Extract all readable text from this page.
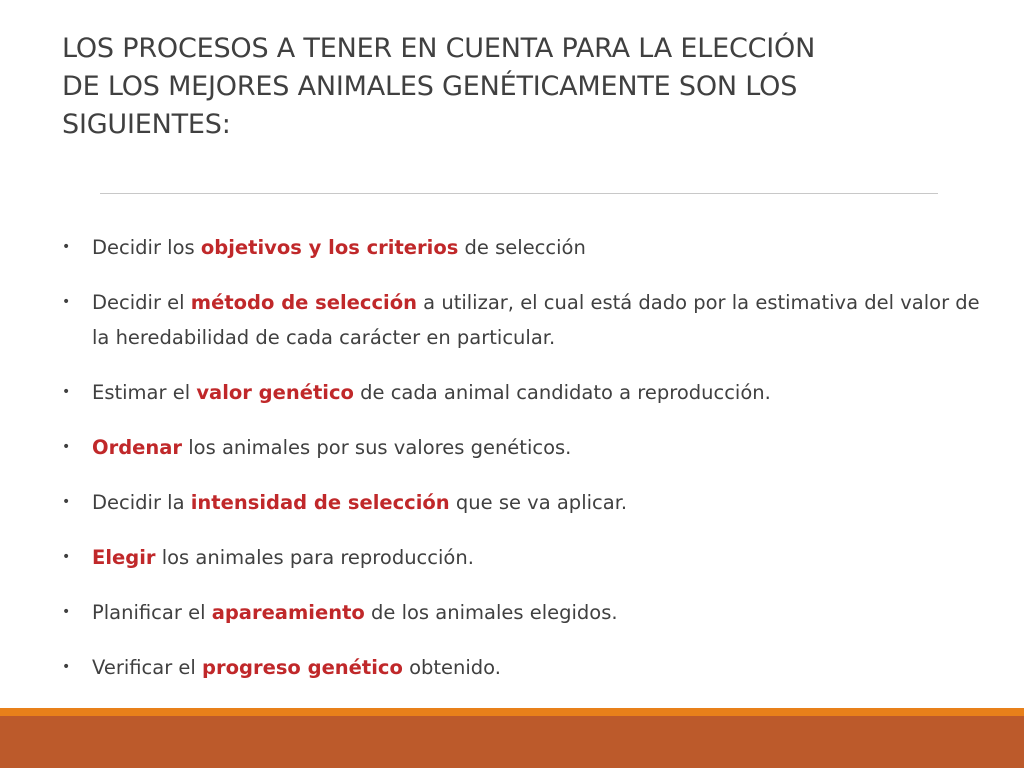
LOS PROCESOS A TENER EN CUENTA PARA LA ELECCIÓN
DE LOS MEJORES ANIMALES GENÉTICAMENTE SON LOS
SIGUIENTES:
•	Decidir los objetivos y los criterios de selección
•	Decidir el método de selección a utilizar, el cual está dado por la estimativa del valor de la heredabilidad de cada carácter en particular.
•	Estimar el valor genético de cada animal candidato a reproducción.
•	Ordenar los animales por sus valores genéticos.
•	Decidir la intensidad de selección que se va aplicar.
•	Elegir los animales para reproducción.
•	Planificar el apareamiento de los animales elegidos.
•	Verificar el progreso genético obtenido.
